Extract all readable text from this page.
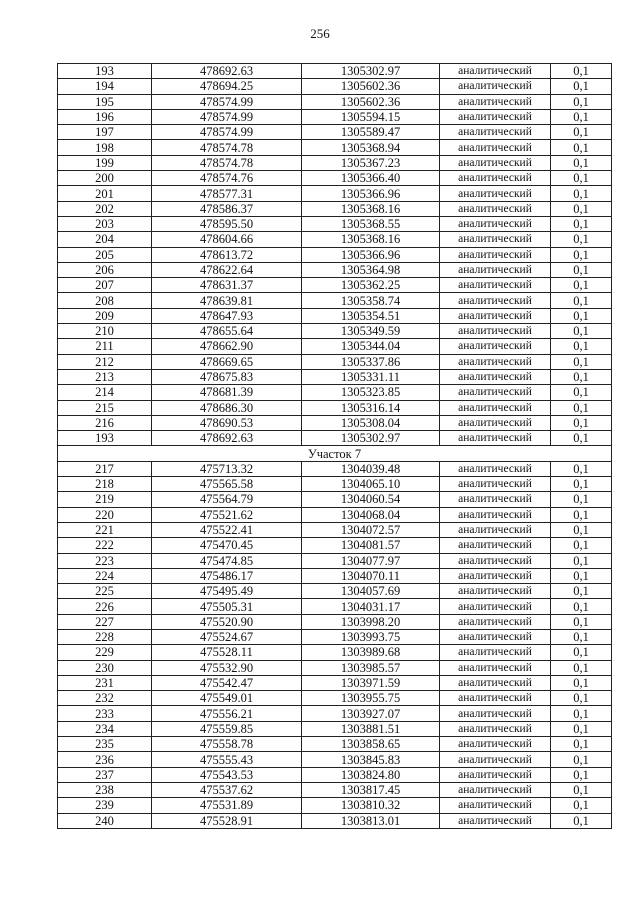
256
193	478692.63	1305302.97	аналитический	0,1
194	478694.25	1305602.36	аналитический	0,1
195	478574.99	1305602.36	аналитический	0,1
196	478574.99	1305594.15	аналитический	0,1
197	478574.99	1305589.47	аналитический	0,1
198	478574.78	1305368.94	аналитический	0,1
199	478574.78	1305367.23	аналитический	0,1
200	478574.76	1305366.40	аналитический	0,1
201	478577.31	1305366.96	аналитический	0,1
202	478586.37	1305368.16	аналитический	0,1
203	478595.50	1305368.55	аналитический	0,1
204	478604.66	1305368.16	аналитический	0,1
205	478613.72	1305366.96	аналитический	0,1
206	478622.64	1305364.98	аналитический	0,1
207	478631.37	1305362.25	аналитический	0,1
208	478639.81	1305358.74	аналитический	0,1
209	478647.93	1305354.51	аналитический	0,1
210	478655.64	1305349.59	аналитический	0,1
211	478662.90	1305344.04	аналитический	0,1
212	478669.65	1305337.86	аналитический	0,1
213	478675.83	1305331.11	аналитический	0,1
214	478681.39	1305323.85	аналитический	0,1
215	478686.30	1305316.14	аналитический	0,1
216	478690.53	1305308.04	аналитический	0,1
193	478692.63	1305302.97	аналитический	0,1
Участок 7				
217	475713.32	1304039.48	аналитический	0,1
218	475565.58	1304065.10	аналитический	0,1
219	475564.79	1304060.54	аналитический	0,1
220	475521.62	1304068.04	аналитический	0,1
221	475522.41	1304072.57	аналитический	0,1
222	475470.45	1304081.57	аналитический	0,1
223	475474.85	1304077.97	аналитический	0,1
224	475486.17	1304070.11	аналитический	0,1
225	475495.49	1304057.69	аналитический	0,1
226	475505.31	1304031.17	аналитический	0,1
227	475520.90	1303998.20	аналитический	0,1
228	475524.67	1303993.75	аналитический	0,1
229	475528.11	1303989.68	аналитический	0,1
230	475532.90	1303985.57	аналитический	0,1
231	475542.47	1303971.59	аналитический	0,1
232	475549.01	1303955.75	аналитический	0,1
233	475556.21	1303927.07	аналитический	0,1
234	475559.85	1303881.51	аналитический	0,1
235	475558.78	1303858.65	аналитический	0,1
236	475555.43	1303845.83	аналитический	0,1
237	475543.53	1303824.80	аналитический	0,1
238	475537.62	1303817.45	аналитический	0,1
239	475531.89	1303810.32	аналитический	0,1
240	475528.91	1303813.01	аналитический	0,1
